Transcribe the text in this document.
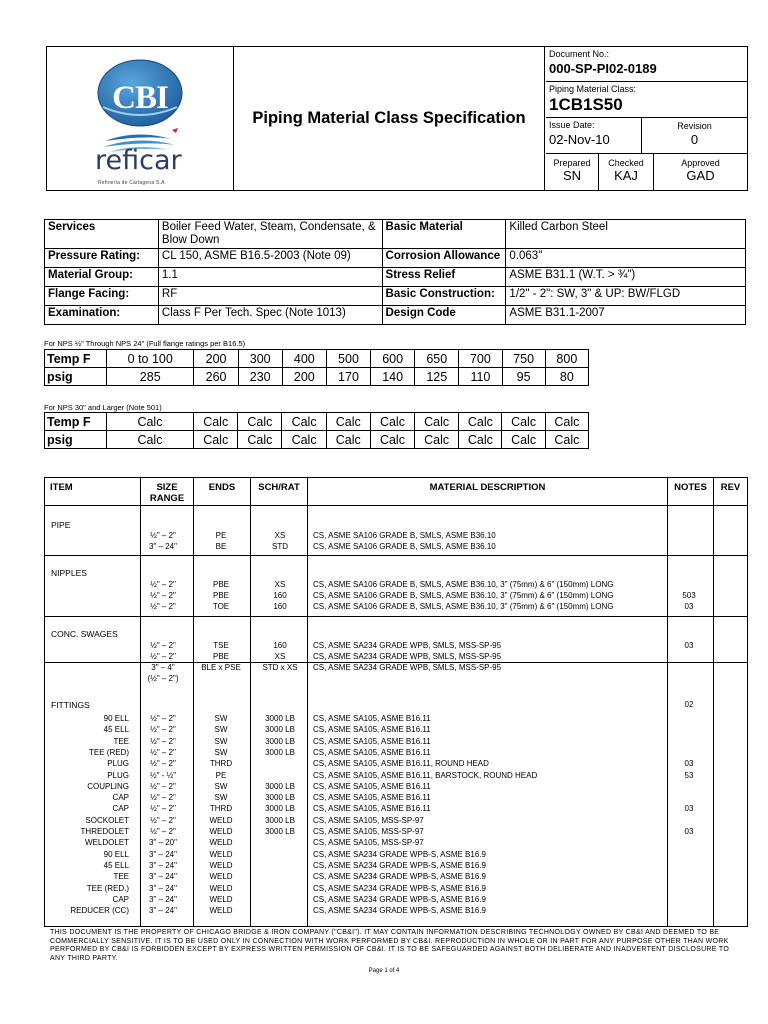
CBI
reficar
Refinería de Cartagena S.A.
Piping Material Class Specification
Document No.:
000-SP-PI02-0189
Piping Material Class:
1CB1S50
Issue Date:
02-Nov-10
Revision
0
Prepared
SN
Checked
KAJ
Approved
GAD
Services	Boiler Feed Water, Steam, Condensate, & Blow Down	Basic Material	Killed Carbon Steel
Pressure Rating:	CL 150, ASME B16.5-2003 (Note 09)	Corrosion Allowance	0.063"
Material Group:	1.1	Stress Relief	ASME B31.1 (W.T. > ¾")
Flange Facing:	RF	Basic Construction:	1/2" - 2": SW, 3" & UP: BW/FLGD
Examination:	Class F Per Tech. Spec (Note 1013)	Design Code	ASME B31.1-2007
For NPS ½" Through NPS 24" (Full flange ratings per B16.5)
Temp F	0 to 100	200	300	400	500	600	650	700	750	800
psig	285	260	230	200	170	140	125	110	95	80
For NPS 30" and Larger (Note 501)
Temp F	Calc	Calc	Calc	Calc	Calc	Calc	Calc	Calc	Calc	Calc
psig	Calc	Calc	Calc	Calc	Calc	Calc	Calc	Calc	Calc	Calc
ITEM	SIZE
RANGE
ENDS	SCH/RAT	MATERIAL DESCRIPTION	NOTES	REV
PIPE
½" – 2"	PE	XS	CS, ASME SA106 GRADE B, SMLS, ASME B36.10
3" – 24"	BE	STD	CS, ASME SA106 GRADE B, SMLS, ASME B36.10
NIPPLES
½" – 2"	PBE	XS	CS, ASME SA106 GRADE B, SMLS, ASME B36.10, 3" (75mm) & 6" (150mm) LONG
½" – 2"	PBE	160	CS, ASME SA106 GRADE B, SMLS, ASME B36.10, 3" (75mm) & 6" (150mm) LONG	503
½" – 2"	TOE	160	CS, ASME SA106 GRADE B, SMLS, ASME B36.10, 3" (75mm) & 6" (150mm) LONG	03
CONC. SWAGES
½" – 2"	TSE	160	CS, ASME SA234 GRADE WPB, SMLS, MSS-SP-95	03
½" – 2"	PBE	XS	CS, ASME SA234 GRADE WPB, SMLS, MSS-SP-95
3" – 4"	BLE x PSE	STD x XS	CS, ASME SA234 GRADE WPB, SMLS, MSS-SP-95
(½" – 2")
FITTINGS	02
90 ELL	½" – 2"	SW	3000 LB	CS, ASME SA105, ASME B16.11
45 ELL	½" – 2"	SW	3000 LB	CS, ASME SA105, ASME B16.11
TEE	½" – 2"	SW	3000 LB	CS, ASME SA105, ASME B16.11
TEE (RED)	½" – 2"	SW	3000 LB	CS, ASME SA105, ASME B16.11
PLUG	½" – 2"	THRD	CS, ASME SA105, ASME B16.11, ROUND HEAD	03
PLUG	½" - ½"	PE	CS, ASME SA105, ASME B16.11, BARSTOCK, ROUND HEAD	53
COUPLING	½" – 2"	SW	3000 LB	CS, ASME SA105, ASME B16.11
CAP	½" – 2"	SW	3000 LB	CS, ASME SA105, ASME B16.11
CAP	½" – 2"	THRD	3000 LB	CS, ASME SA105, ASME B16.11	03
SOCKOLET	½" – 2"	WELD	3000 LB	CS, ASME SA105, MSS-SP-97
THREDOLET	½" – 2"	WELD	3000 LB	CS, ASME SA105, MSS-SP-97	03
WELDOLET	3" – 20"	WELD	CS, ASME SA105, MSS-SP-97
90 ELL	3" – 24"	WELD	CS, ASME SA234 GRADE WPB-S, ASME B16.9
45 ELL	3" – 24"	WELD	CS, ASME SA234 GRADE WPB-S, ASME B16.9
TEE	3" – 24"	WELD	CS, ASME SA234 GRADE WPB-S, ASME B16.9
TEE (RED.)	3" – 24"	WELD	CS, ASME SA234 GRADE WPB-S, ASME B16.9
CAP	3" – 24"	WELD	CS, ASME SA234 GRADE WPB-S, ASME B16.9
REDUCER (CC)	3" – 24"	WELD	CS, ASME SA234 GRADE WPB-S, ASME B16.9
THIS DOCUMENT IS THE PROPERTY OF CHICAGO BRIDGE & IRON COMPANY ("CB&I"). IT MAY CONTAIN INFORMATION DESCRIBING TECHNOLOGY OWNED BY CB&I AND DEEMED TO BE COMMERCIALLY SENSITIVE. IT IS TO BE USED ONLY IN CONNECTION WITH WORK PERFORMED BY CB&I. REPRODUCTION IN WHOLE OR IN PART FOR ANY PURPOSE OTHER THAN WORK PERFORMED BY CB&I IS FORBIDDEN EXCEPT BY EXPRESS WRITTEN PERMISSION OF CB&I. IT IS TO BE SAFEGUARDED AGAINST BOTH DELIBERATE AND INADVERTENT DISCLOSURE TO ANY THIRD PARTY.
Page 1 of 4
